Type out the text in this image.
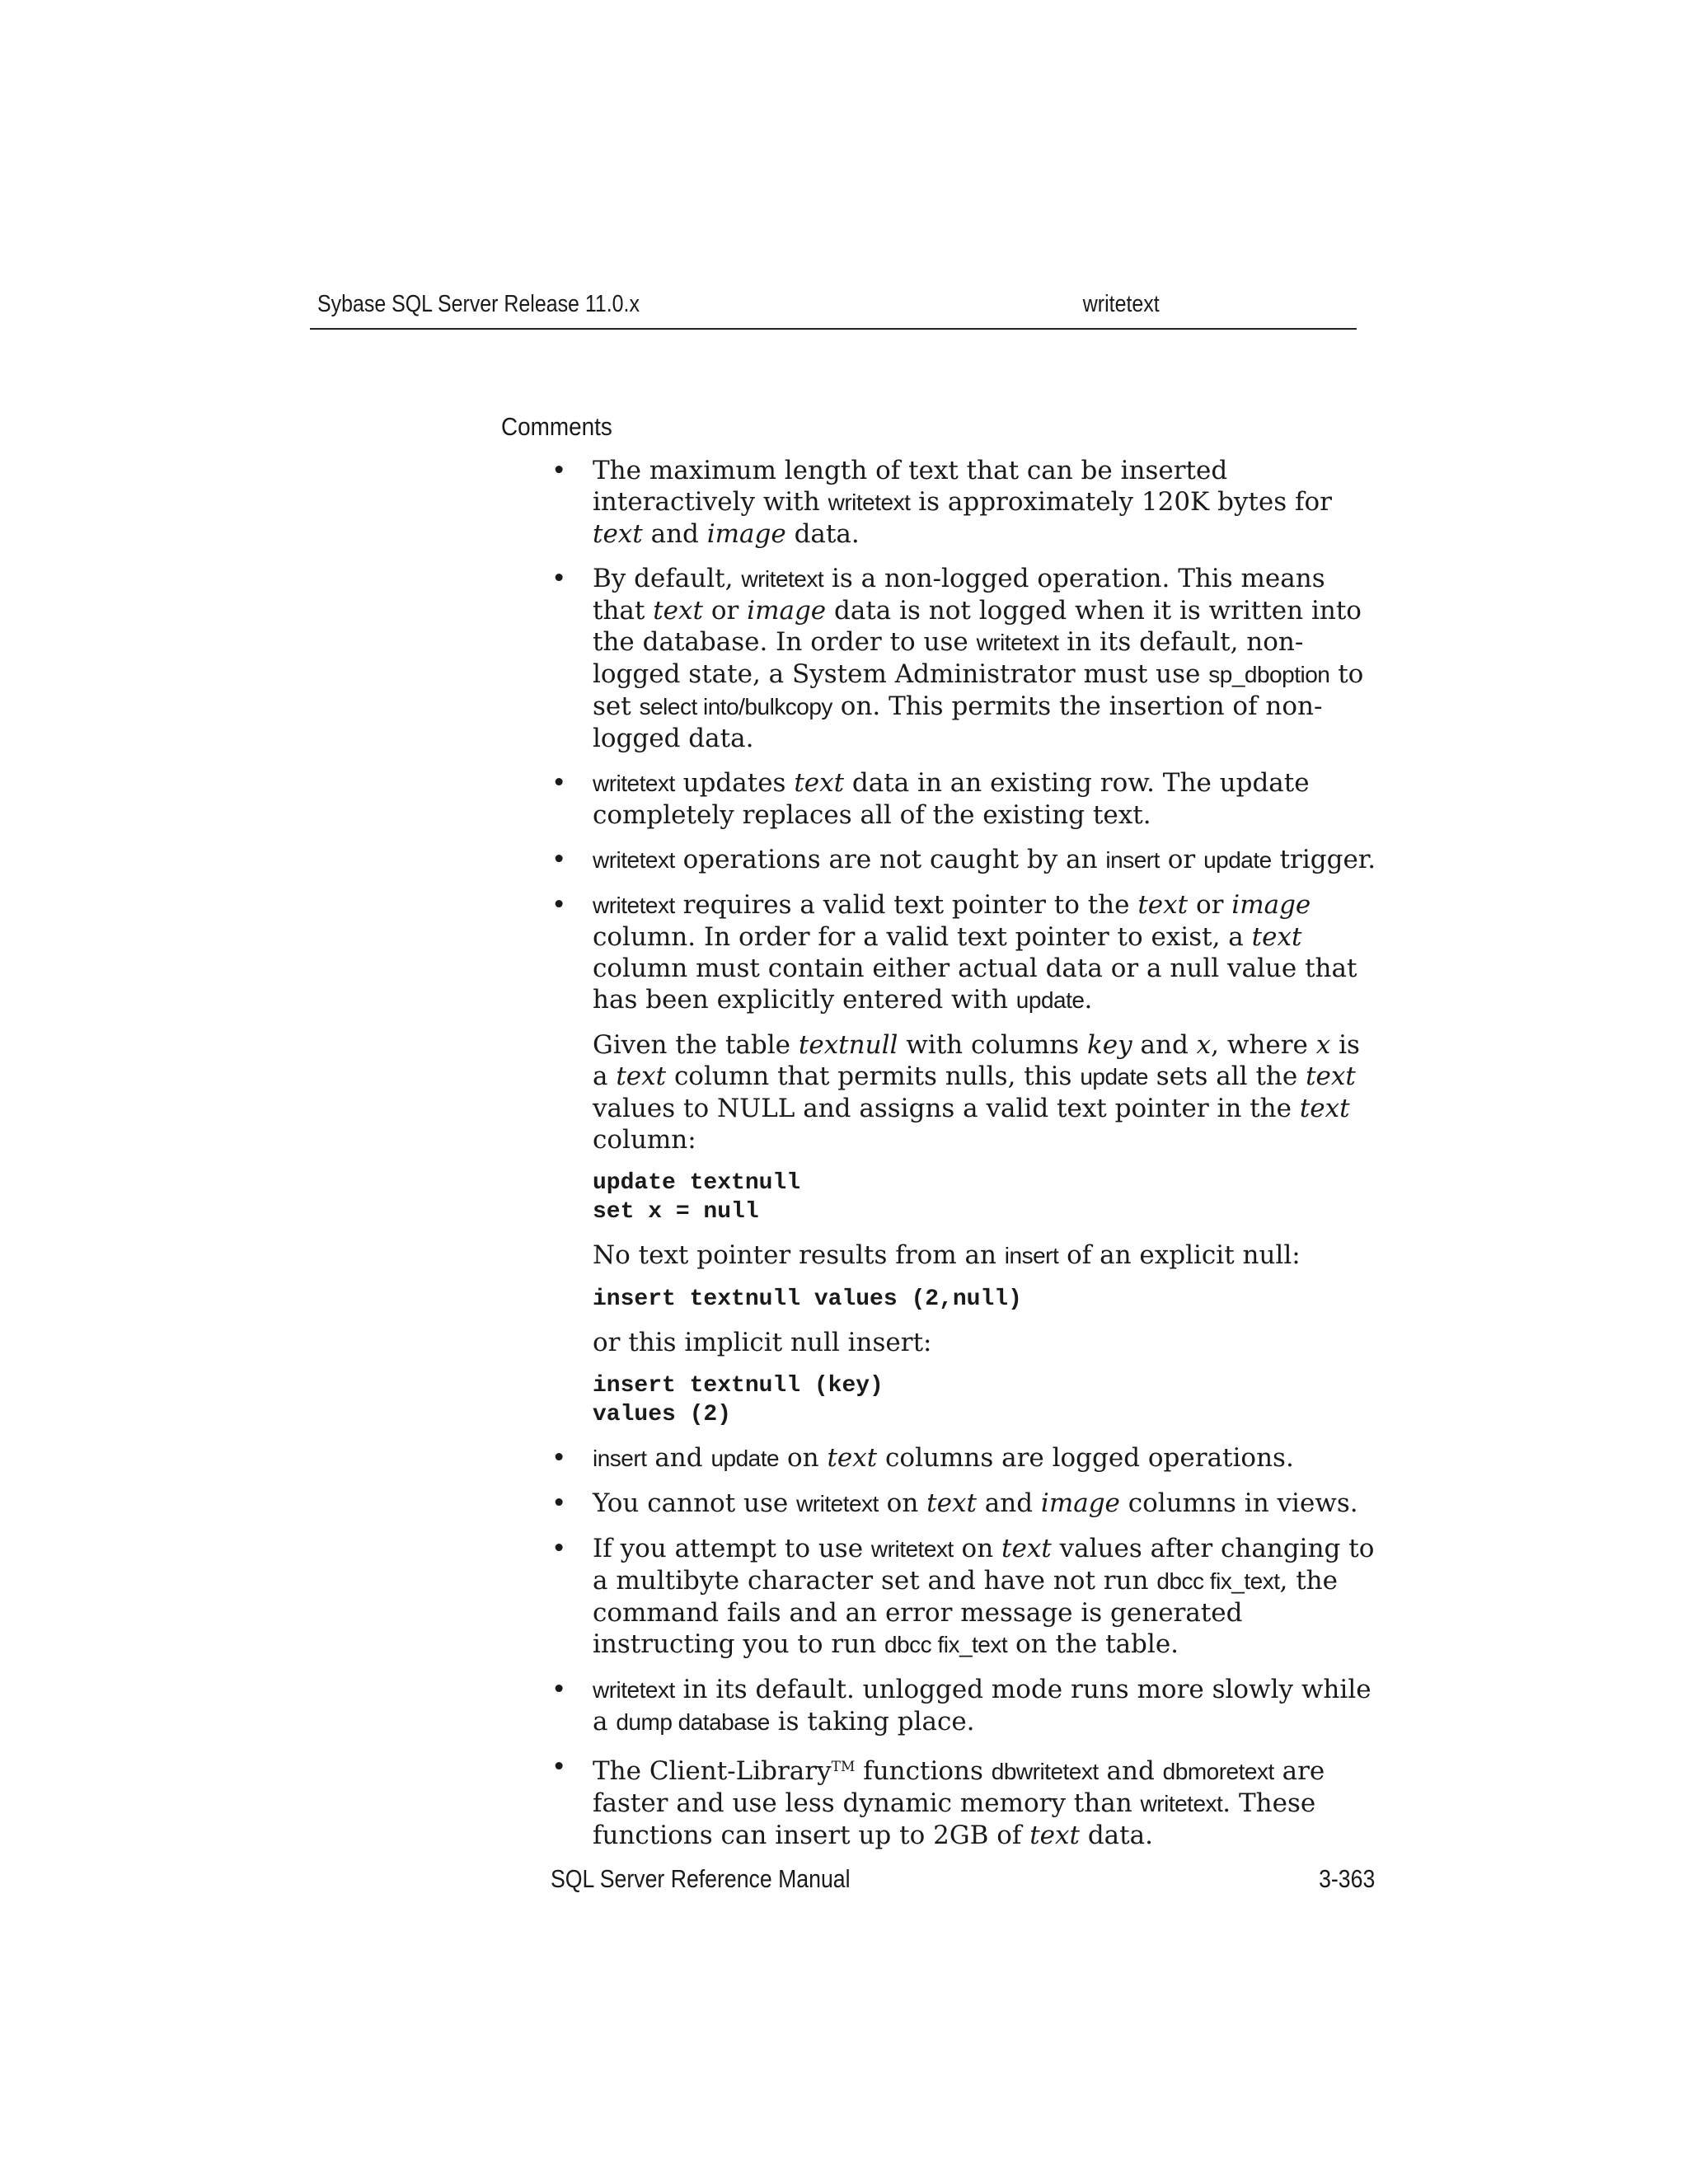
Sybase SQL Server Release 11.0.x	writetext
Comments
• The maximum length of text that can be inserted interactively with writetext is approximately 120K bytes for text and image data.
• By default, writetext is a non-logged operation. This means that text or image data is not logged when it is written into the database. In order to use writetext in its default, non-logged state, a System Administrator must use sp_dboption to set select into/bulkcopy on. This permits the insertion of non-logged data.
• writetext updates text data in an existing row. The update completely replaces all of the existing text.
• writetext operations are not caught by an insert or update trigger.
• writetext requires a valid text pointer to the text or image column. In order for a valid text pointer to exist, a text column must contain either actual data or a null value that has been explicitly entered with update.
Given the table textnull with columns key and x, where x is a text column that permits nulls, this update sets all the text values to NULL and assigns a valid text pointer in the text column:
update textnull
set x = null
No text pointer results from an insert of an explicit null:
insert textnull values (2,null)
or this implicit null insert:
insert textnull (key)
values (2)
• insert and update on text columns are logged operations.
• You cannot use writetext on text and image columns in views.
• If you attempt to use writetext on text values after changing to a multibyte character set and have not run dbcc fix_text, the command fails and an error message is generated instructing you to run dbcc fix_text on the table.
• writetext in its default. unlogged mode runs more slowly while a dump database is taking place.
• The Client-Library™ functions dbwritetext and dbmoretext are faster and use less dynamic memory than writetext. These functions can insert up to 2GB of text data.
SQL Server Reference Manual	3-363
